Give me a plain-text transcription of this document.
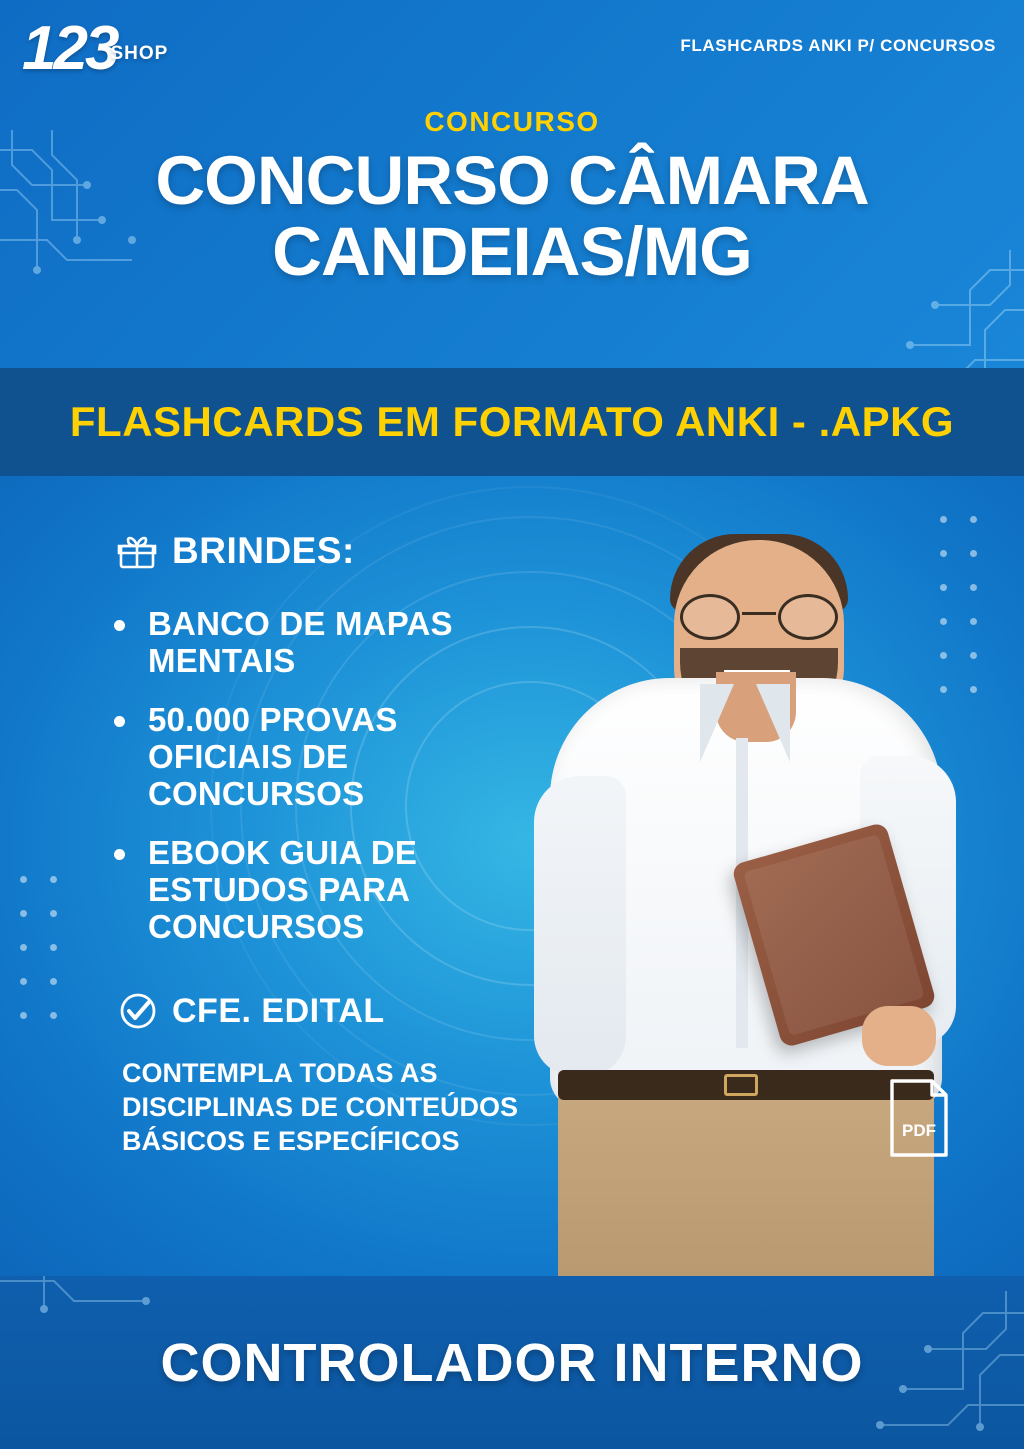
123SHOP	FLASHCARDS ANKI P/ CONCURSOS
CONCURSO
CONCURSO CÂMARA CANDEIAS/MG
FLASHCARDS EM FORMATO ANKI - .APKG
BRINDES:
BANCO DE MAPAS MENTAIS
50.000 PROVAS OFICIAIS DE CONCURSOS
EBOOK GUIA DE ESTUDOS PARA CONCURSOS
CFE. EDITAL
CONTEMPLA TODAS AS DISCIPLINAS DE CONTEÚDOS BÁSICOS E ESPECÍFICOS	PDF
CONTROLADOR INTERNO
